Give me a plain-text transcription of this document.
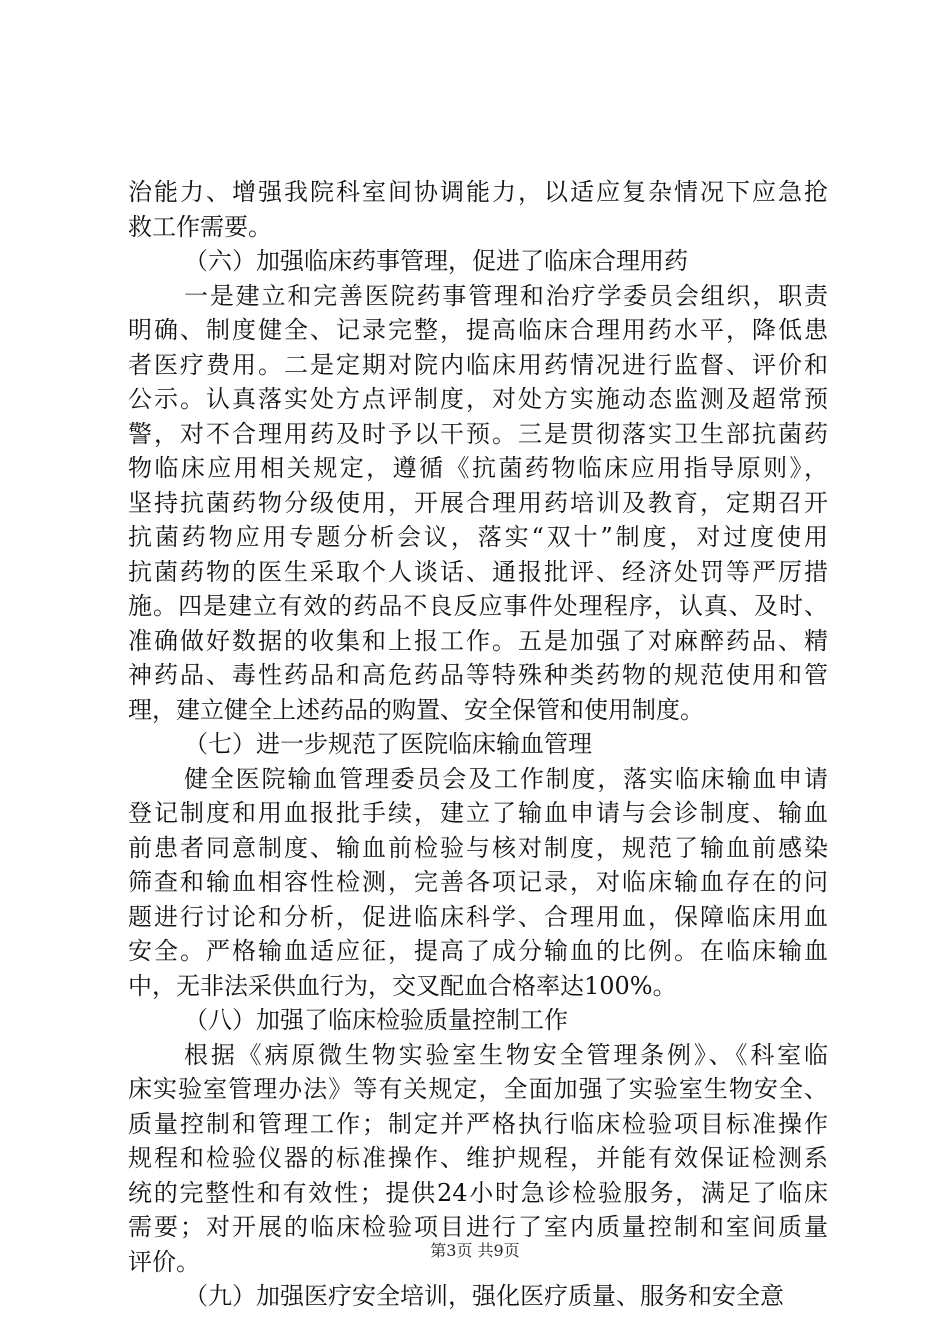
治能力、增强我院科室间协调能力，以适应复杂情况下应急抢
救工作需要。
（六）加强临床药事管理，促进了临床合理用药
一是建立和完善医院药事管理和治疗学委员会组织，职责
明确、制度健全、记录完整，提高临床合理用药水平，降低患
者医疗费用。二是定期对院内临床用药情况进行监督、评价和
公示。认真落实处方点评制度，对处方实施动态监测及超常预
警，对不合理用药及时予以干预。三是贯彻落实卫生部抗菌药
物临床应用相关规定，遵循《抗菌药物临床应用指导原则》，
坚持抗菌药物分级使用，开展合理用药培训及教育，定期召开
抗菌药物应用专题分析会议，落实“双十”制度，对过度使用
抗菌药物的医生采取个人谈话、通报批评、经济处罚等严厉措
施。四是建立有效的药品不良反应事件处理程序，认真、及时、
准确做好数据的收集和上报工作。五是加强了对麻醉药品、精
神药品、毒性药品和高危药品等特殊种类药物的规范使用和管
理，建立健全上述药品的购置、安全保管和使用制度。
（七）进一步规范了医院临床输血管理
健全医院输血管理委员会及工作制度，落实临床输血申请
登记制度和用血报批手续，建立了输血申请与会诊制度、输血
前患者同意制度、输血前检验与核对制度，规范了输血前感染
筛查和输血相容性检测，完善各项记录，对临床输血存在的问
题进行讨论和分析，促进临床科学、合理用血，保障临床用血
安全。严格输血适应征，提高了成分输血的比例。在临床输血
中，无非法采供血行为，交叉配血合格率达100%。
（八）加强了临床检验质量控制工作
根据《病原微生物实验室生物安全管理条例》、《科室临
床实验室管理办法》等有关规定，全面加强了实验室生物安全、
质量控制和管理工作；制定并严格执行临床检验项目标准操作
规程和检验仪器的标准操作、维护规程，并能有效保证检测系
统的完整性和有效性；提供24小时急诊检验服务，满足了临床
需要；对开展的临床检验项目进行了室内质量控制和室间质量
评价。
（九）加强医疗安全培训，强化医疗质量、服务和安全意
第3页 共9页
